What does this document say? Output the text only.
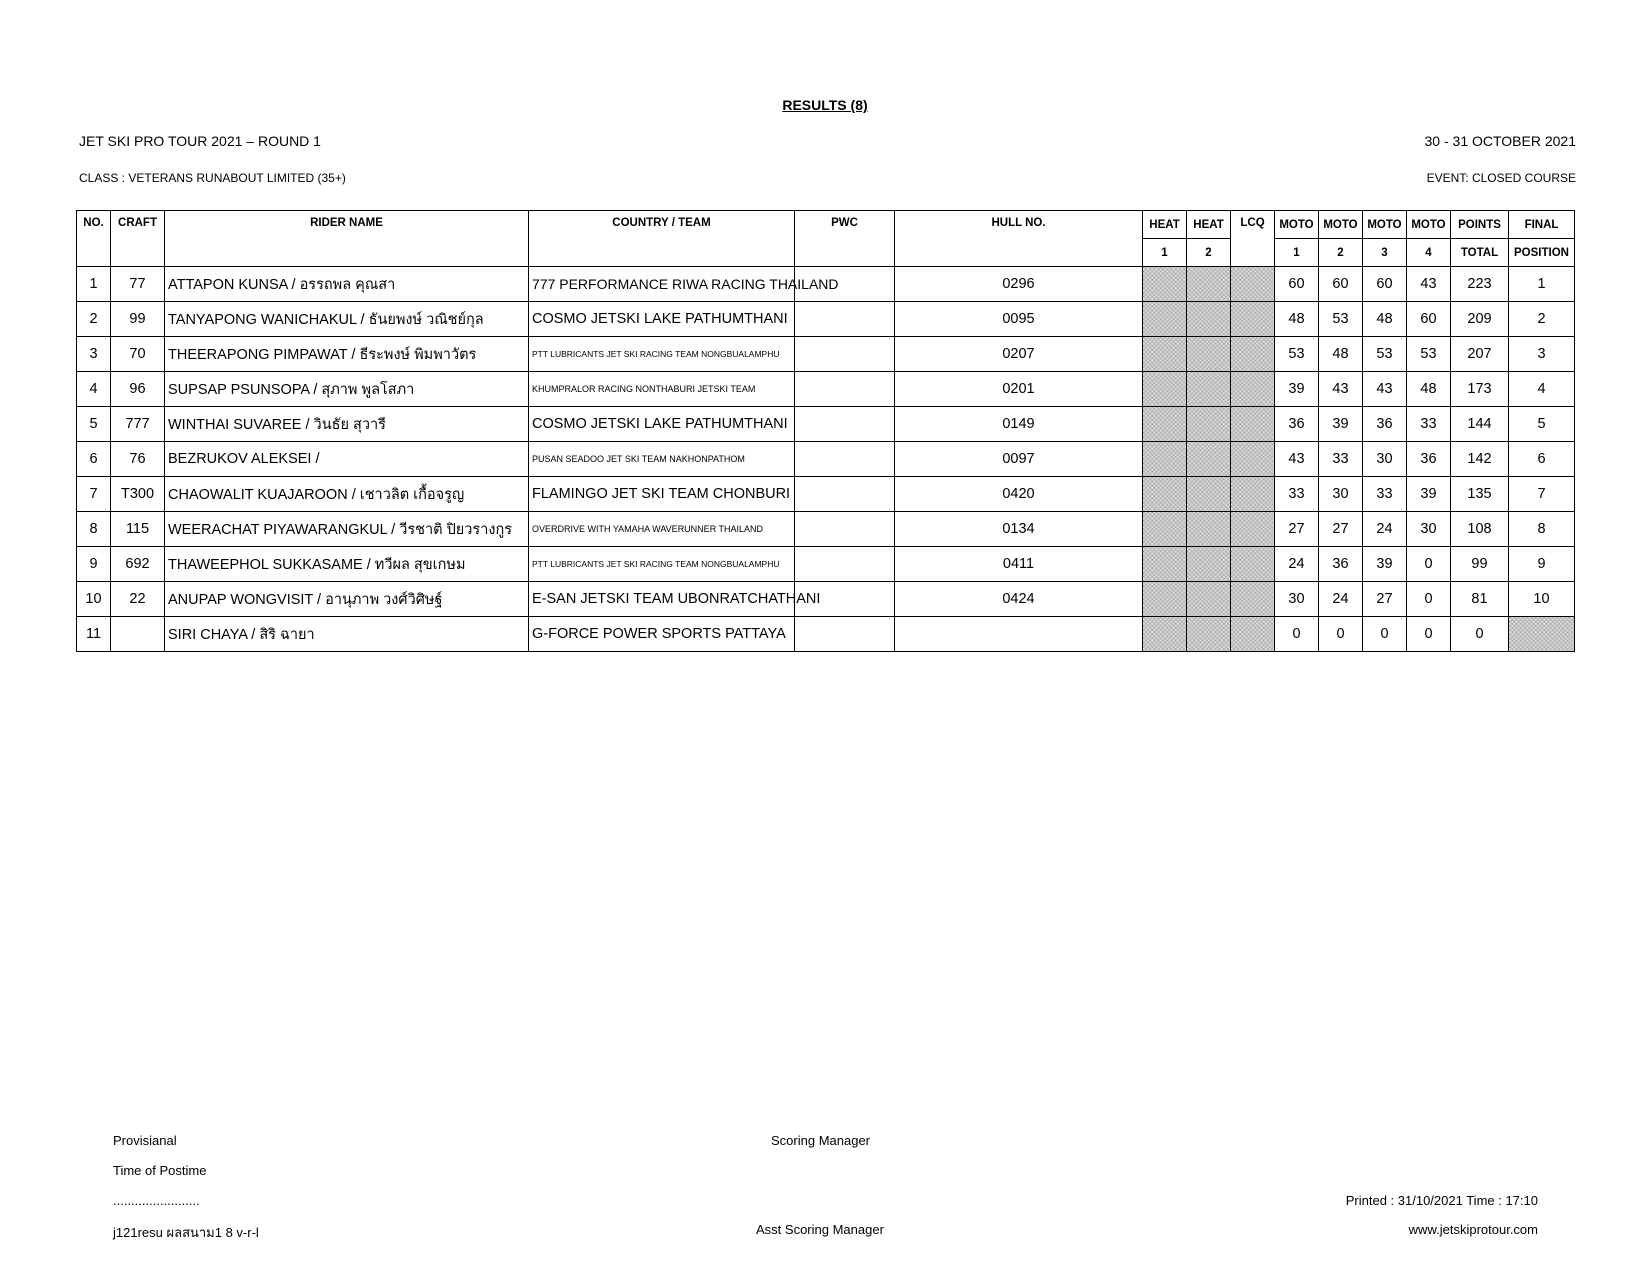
RESULTS (8)
JET SKI PRO TOUR 2021 – ROUND 1	30 - 31 OCTOBER 2021
CLASS : VETERANS RUNABOUT LIMITED (35+)	EVENT: CLOSED COURSE
NO.	CRAFT	RIDER NAME	COUNTRY / TEAM	PWC	HULL NO.	HEAT	HEAT	LCQ	MOTO	MOTO	MOTO	MOTO	POINTS	FINAL
						1	2		1	2	3	4	TOTAL	POSITION
1	77	ATTAPON KUNSA / อรรถพล คุณสา	777 PERFORMANCE RIWA RACING THAILAND		0296				60	60	60	43	223	1
2	99	TANYAPONG WANICHAKUL / ธันยพงษ์ วณิชย์กุล	COSMO JETSKI LAKE PATHUMTHANI		0095				48	53	48	60	209	2
3	70	THEERAPONG PIMPAWAT / ธีระพงษ์ พิมพาวัตร	PTT LUBRICANTS JET SKI RACING TEAM NONGBUALAMPHU		0207				53	48	53	53	207	3
4	96	SUPSAP PSUNSOPA / สุภาพ พูลโสภา	KHUMPRALOR RACING NONTHABURI JETSKI TEAM		0201				39	43	43	48	173	4
5	777	WINTHAI SUVAREE / วินธัย สุวารี	COSMO JETSKI LAKE PATHUMTHANI		0149				36	39	36	33	144	5
6	76	BEZRUKOV ALEKSEI /	PUSAN SEADOO JET SKI TEAM NAKHONPATHOM		0097				43	33	30	36	142	6
7	T300	CHAOWALIT KUAJAROON / เชาวลิต เกื้อจรูญ	FLAMINGO JET SKI TEAM CHONBURI		0420				33	30	33	39	135	7
8	115	WEERACHAT PIYAWARANGKUL / วีรชาติ ปิยวรางกูร	OVERDRIVE WITH YAMAHA WAVERUNNER THAILAND		0134				27	27	24	30	108	8
9	692	THAWEEPHOL SUKKASAME / ทวีผล สุขเกษม	PTT LUBRICANTS JET SKI RACING TEAM NONGBUALAMPHU		0411				24	36	39	0	99	9
10	22	ANUPAP WONGVISIT / อานุภาพ วงศ์วิศิษฐ์	E-SAN JETSKI TEAM UBONRATCHATHANI		0424				30	24	27	0	81	10
11		SIRI CHAYA / สิริ ฉายา	G-FORCE POWER SPORTS PATTAYA						0	0	0	0	0	
Provisianal
Time of Postime
........................
j121resu ผลสนาม1 8 v-r-l
Scoring Manager
Asst Scoring Manager
Printed : 31/10/2021 Time : 17:10
www.jetskiprotour.com
